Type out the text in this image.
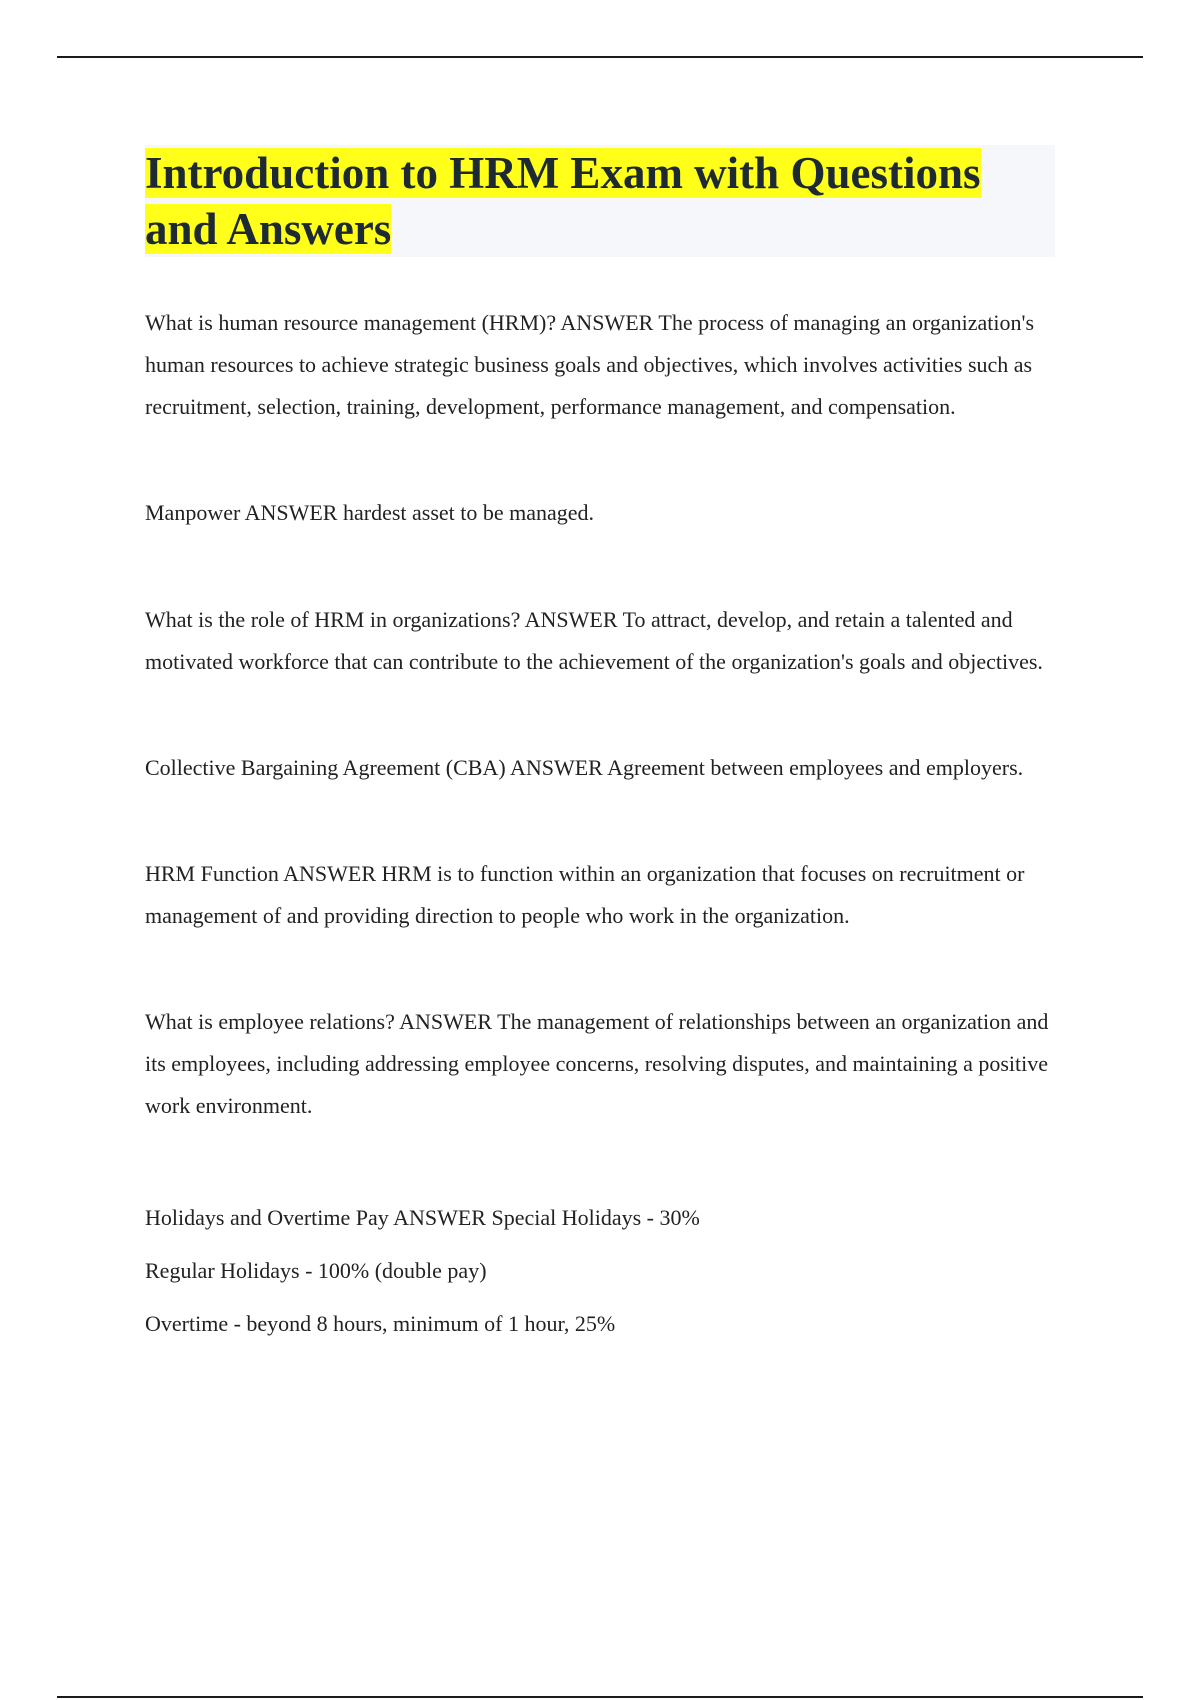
Introduction to HRM Exam with Questions and Answers

What is human resource management (HRM)? ANSWER The process of managing an organization's human resources to achieve strategic business goals and objectives, which involves activities such as recruitment, selection, training, development, performance management, and compensation.

Manpower ANSWER hardest asset to be managed.

What is the role of HRM in organizations? ANSWER To attract, develop, and retain a talented and motivated workforce that can contribute to the achievement of the organization's goals and objectives.

Collective Bargaining Agreement (CBA) ANSWER Agreement between employees and employers.

HRM Function ANSWER HRM is to function within an organization that focuses on recruitment or management of and providing direction to people who work in the organization.

What is employee relations? ANSWER The management of relationships between an organization and its employees, including addressing employee concerns, resolving disputes, and maintaining a positive work environment.

Holidays and Overtime Pay ANSWER Special Holidays - 30%
Regular Holidays - 100% (double pay)
Overtime - beyond 8 hours, minimum of 1 hour, 25%
